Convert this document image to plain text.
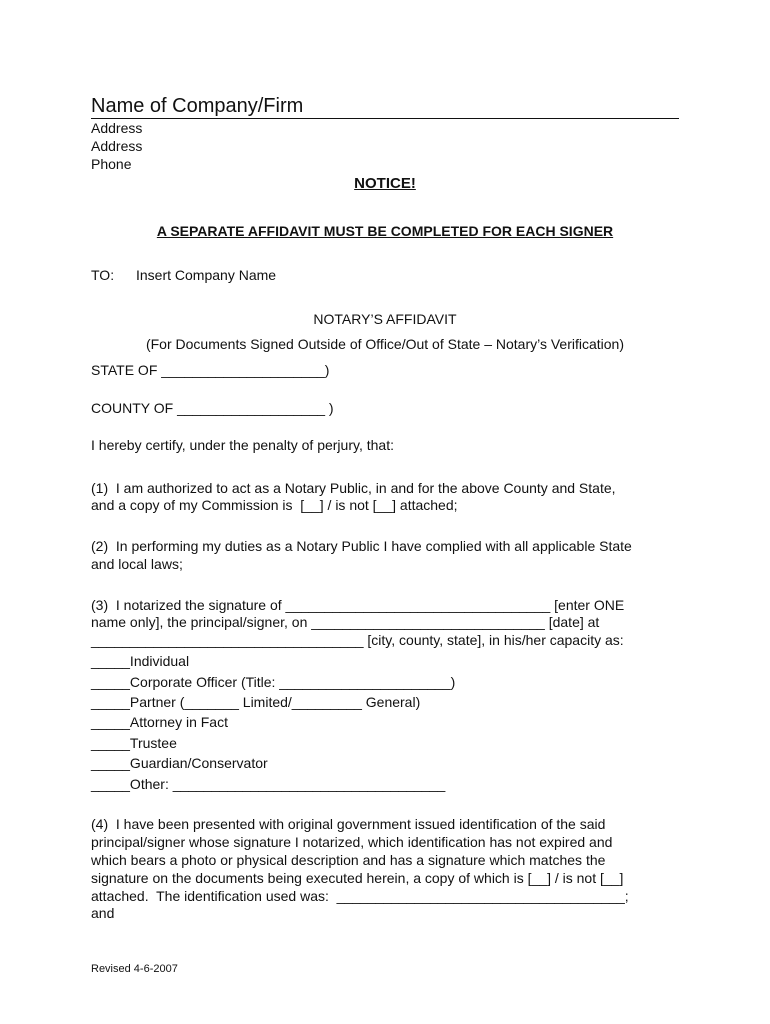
Name of Company/Firm
Address
Address
Phone
NOTICE!
A SEPARATE AFFIDAVIT MUST BE COMPLETED FOR EACH SIGNER
TO: Insert Company Name
NOTARY’S AFFIDAVIT
(For Documents Signed Outside of Office/Out of State – Notary’s Verification)
STATE OF _____________________)
COUNTY OF ___________________ )
I hereby certify, under the penalty of perjury, that:
(1)  I am authorized to act as a Notary Public, in and for the above County and State,
and a copy of my Commission is  [__] / is not [__] attached;
(2)  In performing my duties as a Notary Public I have complied with all applicable State
and local laws;
(3)  I notarized the signature of __________________________________ [enter ONE
name only], the principal/signer, on ______________________________ [date] at
___________________________________ [city, county, state], in his/her capacity as:
_____Individual
_____Corporate Officer (Title: ______________________)
_____Partner (_______ Limited/_________ General)
_____Attorney in Fact
_____Trustee
_____Guardian/Conservator
_____Other: ___________________________________
(4)  I have been presented with original government issued identification of the said
principal/signer whose signature I notarized, which identification has not expired and
which bears a photo or physical description and has a signature which matches the
signature on the documents being executed herein, a copy of which is [__] / is not [__]
attached.  The identification used was:  _____________________________________;
and
Revised 4-6-2007
